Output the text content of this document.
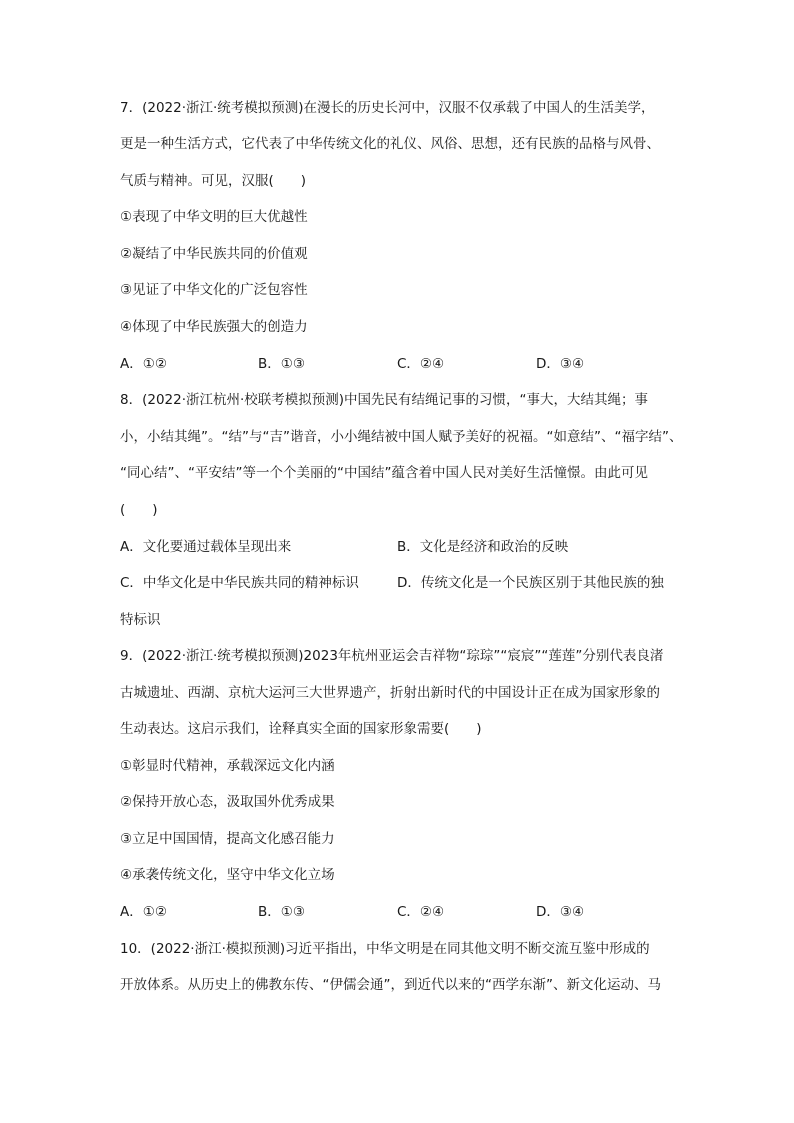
7．(2022·浙江·统考模拟预测)在漫长的历史长河中，汉服不仅承载了中国人的生活美学，
更是一种生活方式，它代表了中华传统文化的礼仪、风俗、思想，还有民族的品格与风骨、
气质与精神。可见，汉服(　　)
①表现了中华文明的巨大优越性
②凝结了中华民族共同的价值观
③见证了中华文化的广泛包容性
④体现了中华民族强大的创造力
A．①②	B．①③	C．②④	D．③④
8．(2022·浙江杭州·校联考模拟预测)中国先民有结绳记事的习惯，“事大，大结其绳；事
小，小结其绳”。“结”与“吉”谐音，小小绳结被中国人赋予美好的祝福。“如意结”、“福字结”、
“同心结”、“平安结”等一个个美丽的“中国结”蕴含着中国人民对美好生活憧憬。由此可见
(　　)
A．文化要通过载体呈现出来	B．文化是经济和政治的反映
C．中华文化是中华民族共同的精神标识	D．传统文化是一个民族区别于其他民族的独
特标识
9．(2022·浙江·统考模拟预测)2023年杭州亚运会吉祥物“琮琮”“宸宸”“莲莲”分别代表良渚
古城遗址、西湖、京杭大运河三大世界遗产，折射出新时代的中国设计正在成为国家形象的
生动表达。这启示我们，诠释真实全面的国家形象需要(　　)
①彰显时代精神，承载深远文化内涵
②保持开放心态，汲取国外优秀成果
③立足中国国情，提高文化感召能力
④承袭传统文化，坚守中华文化立场
A．①②	B．①③	C．②④	D．③④
10．(2022·浙江·模拟预测)习近平指出，中华文明是在同其他文明不断交流互鉴中形成的
开放体系。从历史上的佛教东传、“伊儒会通”，到近代以来的“西学东渐”、新文化运动、马
